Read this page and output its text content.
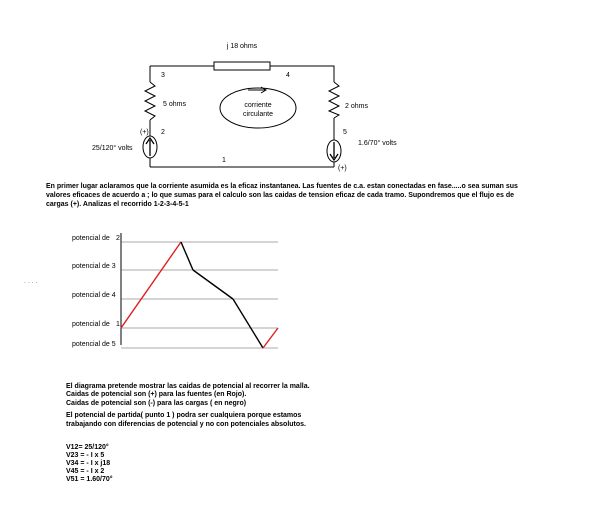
j 18 ohms
3	4
5 ohms	2 ohms
corriente
circulante
(+) 2	5
25/120° volts
1.6/70° volts
(+)
1
En primer lugar aclaramos que la corriente asumida es la eficaz instantanea. Las fuentes de c.a. estan conectadas en fase.....o sea suman sus
valores eficaces de acuerdo a ; lo que sumas para el calculo son las caidas de tension eficaz de cada tramo. Supondremos que el flujo es de
cargas (+). Analizas el recorrido 1-2-3-4-5-1
potencial de 2
potencial de 3
potencial de 4
potencial de 1
potencial de 5
. . . .
El diagrama pretende mostrar las caidas de potencial al recorrer la malla.
Caidas de potencial son (+) para las fuentes (en Rojo).
Caidas de potencial son (-) para las cargas ( en negro)
El potencial de partida( punto 1 ) podra ser cualquiera porque estamos
trabajando con diferencias de potencial y no con potenciales absolutos.
V12= 25/120°
V23 = - I x 5
V34 = - I x j18
V45 = - I x 2
V51 = 1.60/70°
